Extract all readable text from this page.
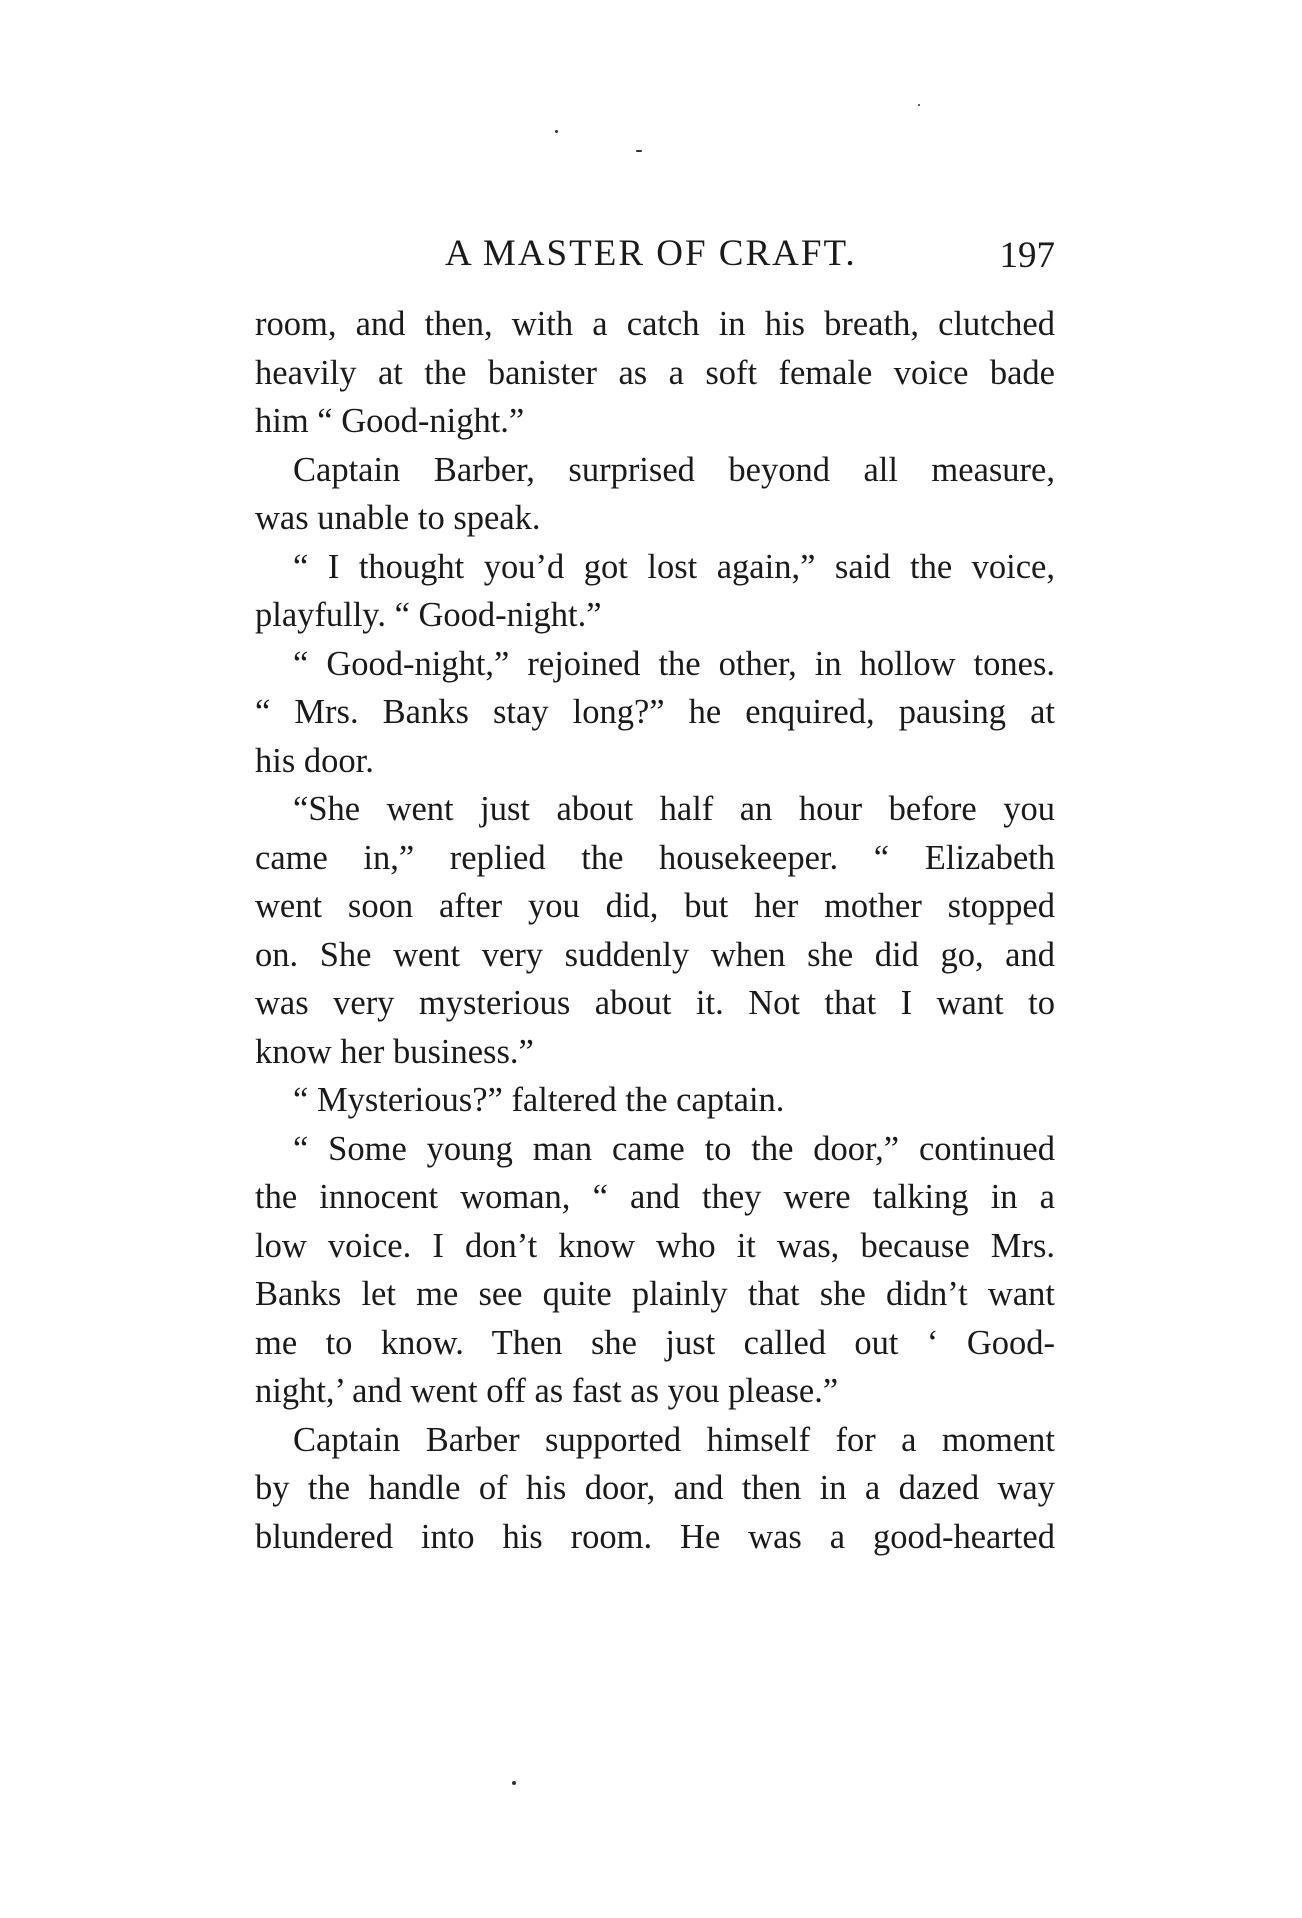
A MASTER OF CRAFT.	197
room, and then, with a catch in his breath, clutched
heavily at the banister as a soft female voice bade
him “ Good-night.”
Captain Barber, surprised beyond all measure,
was unable to speak.
“ I thought you’d got lost again,” said the voice,
playfully. “ Good-night.”
“ Good-night,” rejoined the other, in hollow tones.
“ Mrs. Banks stay long?” he enquired, pausing at
his door.
“She went just about half an hour before you
came in,” replied the housekeeper. “ Elizabeth
went soon after you did, but her mother stopped
on. She went very suddenly when she did go, and
was very mysterious about it. Not that I want to
know her business.”
“ Mysterious?” faltered the captain.
“ Some young man came to the door,” continued
the innocent woman, “ and they were talking in a
low voice. I don’t know who it was, because Mrs.
Banks let me see quite plainly that she didn’t want
me to know. Then she just called out ‘ Good-
night,’ and went off as fast as you please.”
Captain Barber supported himself for a moment
by the handle of his door, and then in a dazed way
blundered into his room. He was a good-hearted
